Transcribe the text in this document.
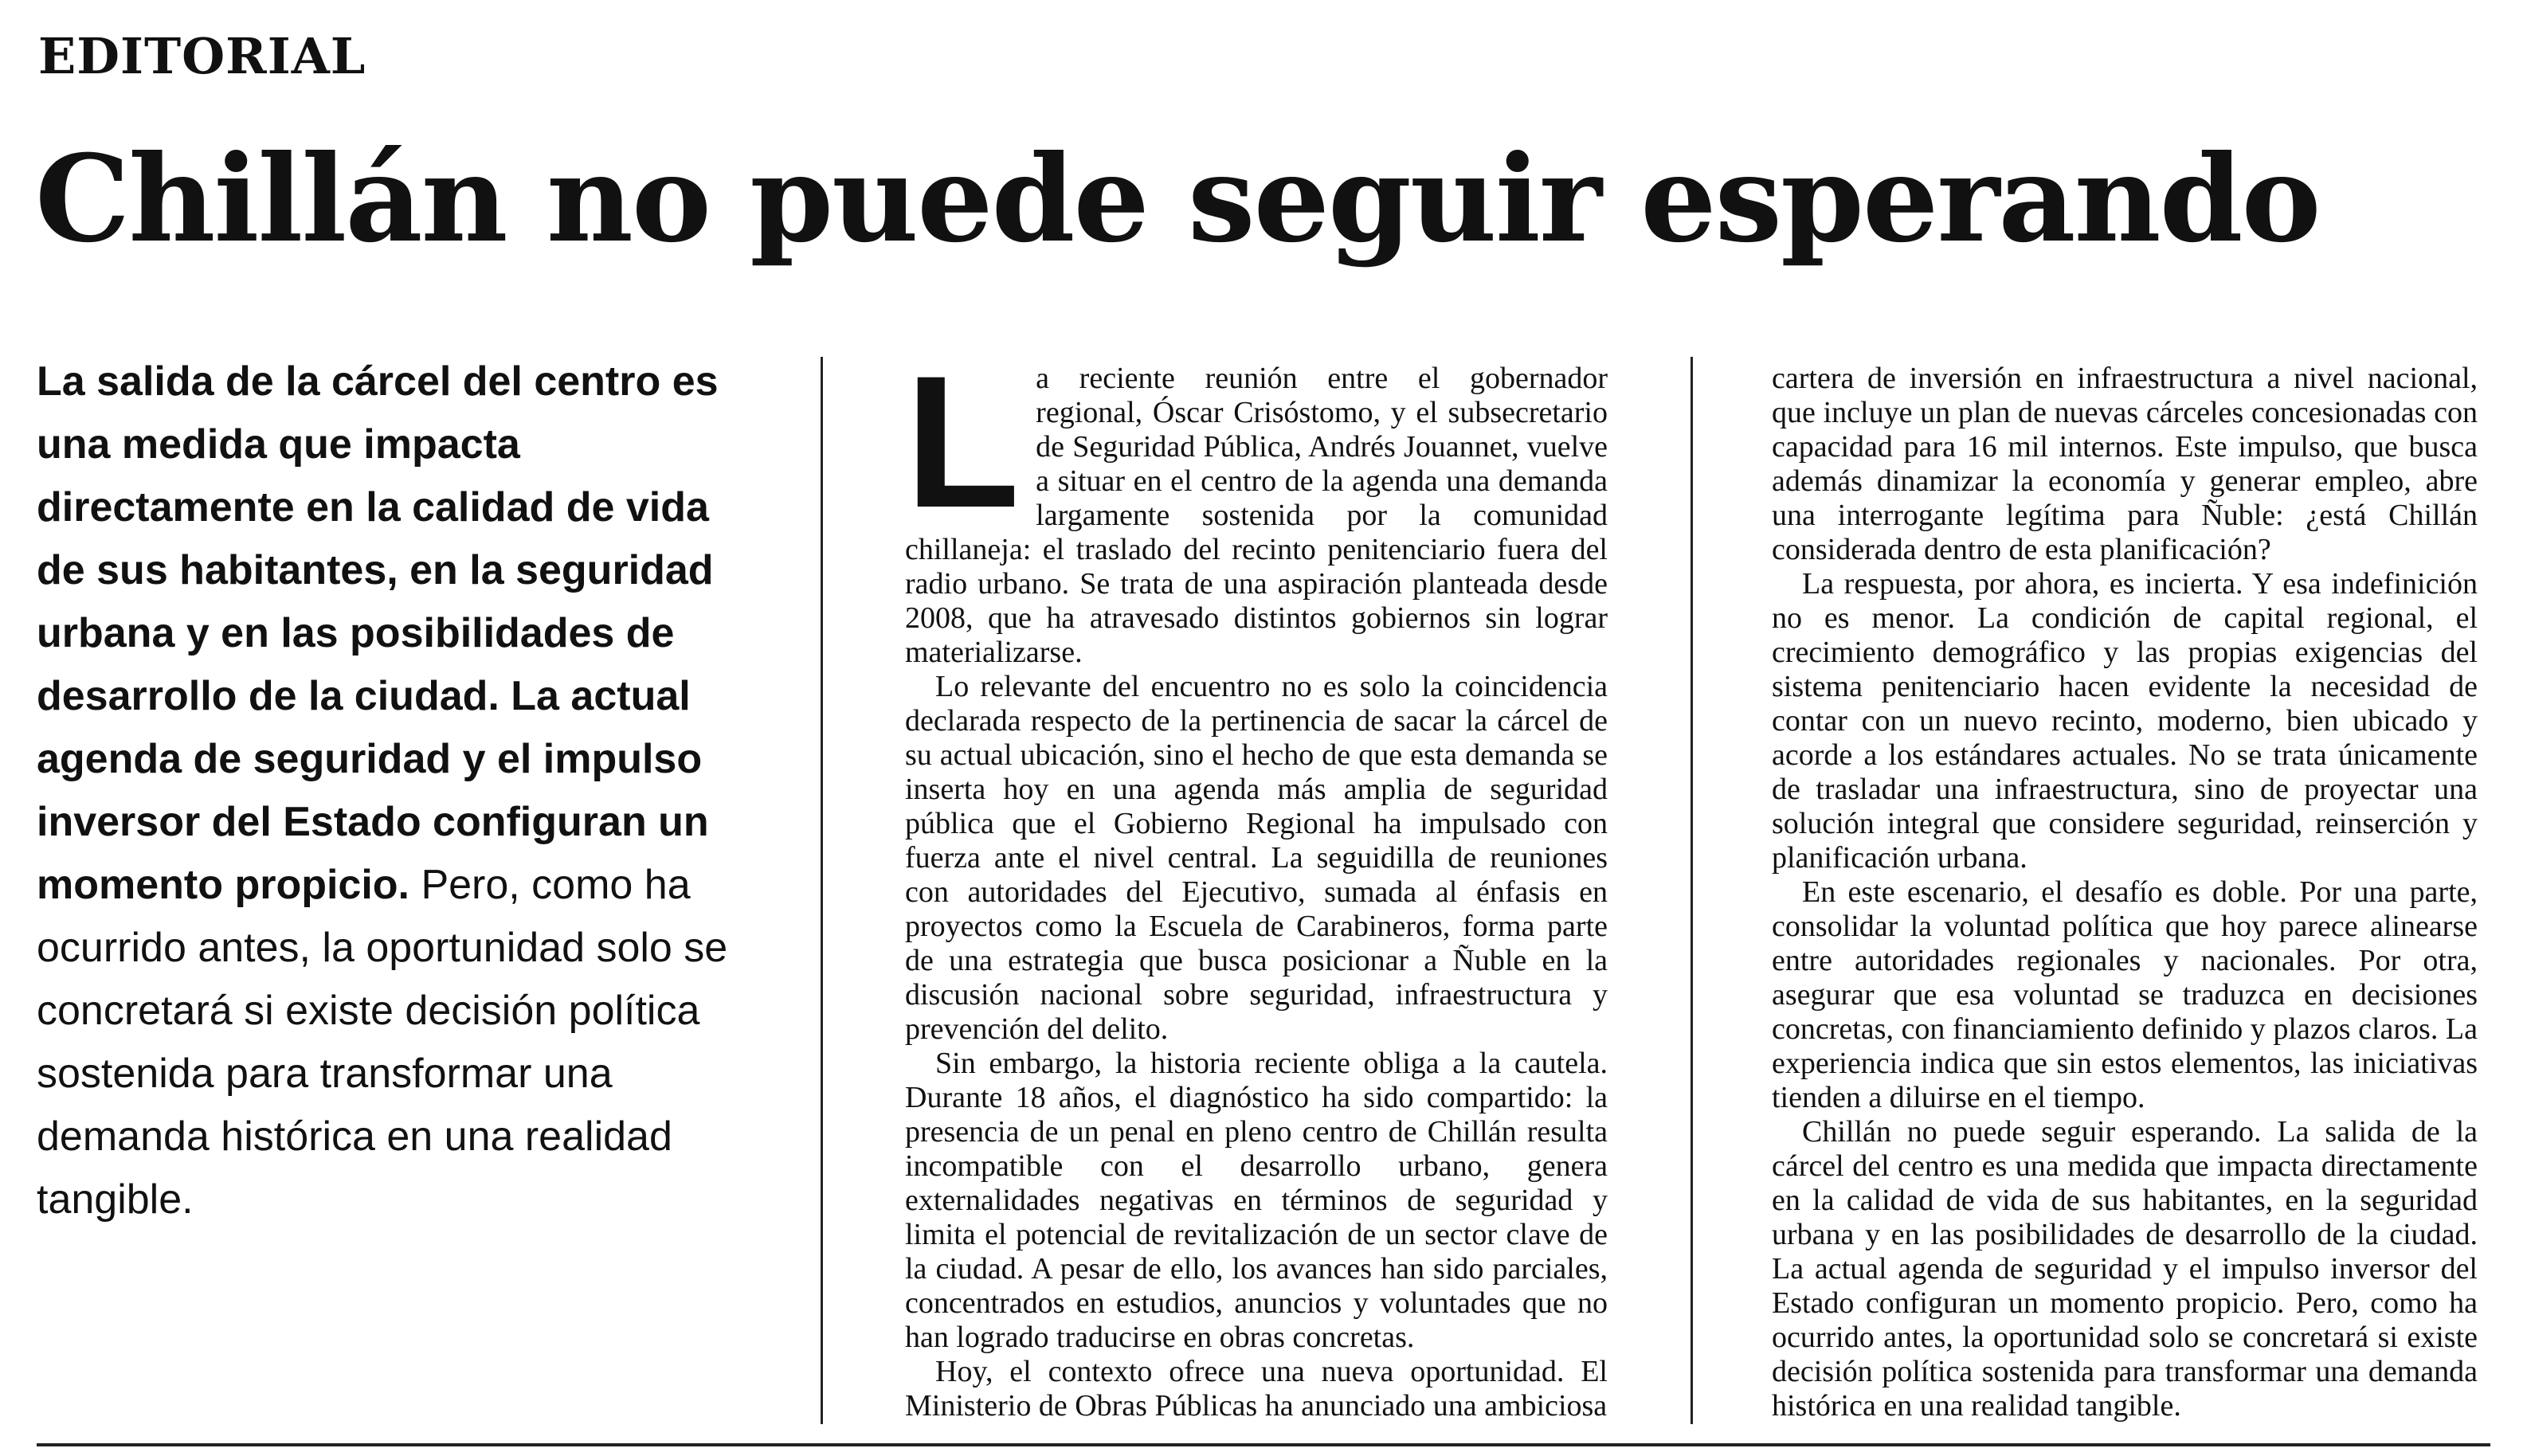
EDITORIAL
Chillán no puede seguir esperando

La salida de la cárcel del centro es una medida que impacta directamente en la calidad de vida de sus habitantes, en la seguridad urbana y en las posibilidades de desarrollo de la ciudad. La actual agenda de seguridad y el impulso inversor del Estado configuran un momento propicio. Pero, como ha ocurrido antes, la oportunidad solo se concretará si existe decisión política sostenida para transformar una demanda histórica en una realidad tangible.

L a reciente reunión entre el gobernador regional, Óscar Crisóstomo, y el subsecretario de Seguridad Pública, Andrés Jouannet, vuelve a situar en el centro de la agenda una demanda largamente sostenida por la comunidad chillaneja: el traslado del recinto penitenciario fuera del radio urbano. Se trata de una aspiración planteada desde 2008, que ha atravesado distintos gobiernos sin lograr materializarse.

Lo relevante del encuentro no es solo la coincidencia declarada respecto de la pertinencia de sacar la cárcel de su actual ubicación, sino el hecho de que esta demanda se inserta hoy en una agenda más amplia de seguridad pública que el Gobierno Regional ha impulsado con fuerza ante el nivel central. La seguidilla de reuniones con autoridades del Ejecutivo, sumada al énfasis en proyectos como la Escuela de Carabineros, forma parte de una estrategia que busca posicionar a Ñuble en la discusión nacional sobre seguridad, infraestructura y prevención del delito.

Sin embargo, la historia reciente obliga a la cautela. Durante 18 años, el diagnóstico ha sido compartido: la presencia de un penal en pleno centro de Chillán resulta incompatible con el desarrollo urbano, genera externalidades negativas en términos de seguridad y limita el potencial de revitalización de un sector clave de la ciudad. A pesar de ello, los avances han sido parciales, concentrados en estudios, anuncios y voluntades que no han logrado traducirse en obras concretas.

Hoy, el contexto ofrece una nueva oportunidad. El Ministerio de Obras Públicas ha anunciado una ambiciosa

cartera de inversión en infraestructura a nivel nacional, que incluye un plan de nuevas cárceles concesionadas con capacidad para 16 mil internos. Este impulso, que busca además dinamizar la economía y generar empleo, abre una interrogante legítima para Ñuble: ¿está Chillán considerada dentro de esta planificación?

La respuesta, por ahora, es incierta. Y esa indefinición no es menor. La condición de capital regional, el crecimiento demográfico y las propias exigencias del sistema penitenciario hacen evidente la necesidad de contar con un nuevo recinto, moderno, bien ubicado y acorde a los estándares actuales. No se trata únicamente de trasladar una infraestructura, sino de proyectar una solución integral que considere seguridad, reinserción y planificación urbana.

En este escenario, el desafío es doble. Por una parte, consolidar la voluntad política que hoy parece alinearse entre autoridades regionales y nacionales. Por otra, asegurar que esa voluntad se traduzca en decisiones concretas, con financiamiento definido y plazos claros. La experiencia indica que sin estos elementos, las iniciativas tienden a diluirse en el tiempo.

Chillán no puede seguir esperando. La salida de la cárcel del centro es una medida que impacta directamente en la calidad de vida de sus habitantes, en la seguridad urbana y en las posibilidades de desarrollo de la ciudad. La actual agenda de seguridad y el impulso inversor del Estado configuran un momento propicio. Pero, como ha ocurrido antes, la oportunidad solo se concretará si existe decisión política sostenida para transformar una demanda histórica en una realidad tangible.
